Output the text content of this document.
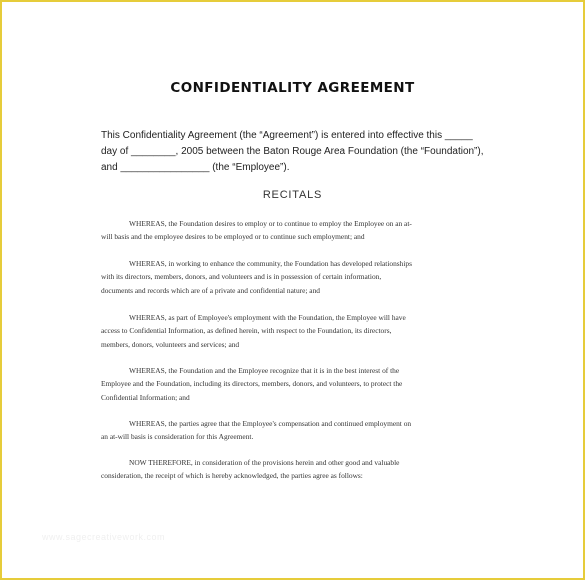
CONFIDENTIALITY AGREEMENT
This Confidentiality Agreement (the “Agreement”) is entered into effective this _____
day of ________, 2005 between the Baton Rouge Area Foundation (the “Foundation”),
and ________________ (the “Employee”).
RECITALS
WHEREAS, the Foundation desires to employ or to continue to employ the Employee on an at-
will basis and the employee desires to be employed or to continue such employment; and
WHEREAS, in working to enhance the community, the Foundation has developed relationships
with its directors, members, donors, and volunteers and is in possession of certain information,
documents and records which are of a private and confidential nature; and
WHEREAS, as part of Employee's employment with the Foundation, the Employee will have
access to Confidential Information, as defined herein, with respect to the Foundation, its directors,
members, donors, volunteers and services; and
WHEREAS, the Foundation and the Employee recognize that it is in the best interest of the
Employee and the Foundation, including its directors, members, donors, and volunteers, to protect the
Confidential Information; and
WHEREAS, the parties agree that the Employee's compensation and continued employment on
an at-will basis is consideration for this Agreement.
NOW THEREFORE, in consideration of the provisions herein and other good and valuable
consideration, the receipt of which is hereby acknowledged, the parties agree as follows:
www.sagecreativework.com
